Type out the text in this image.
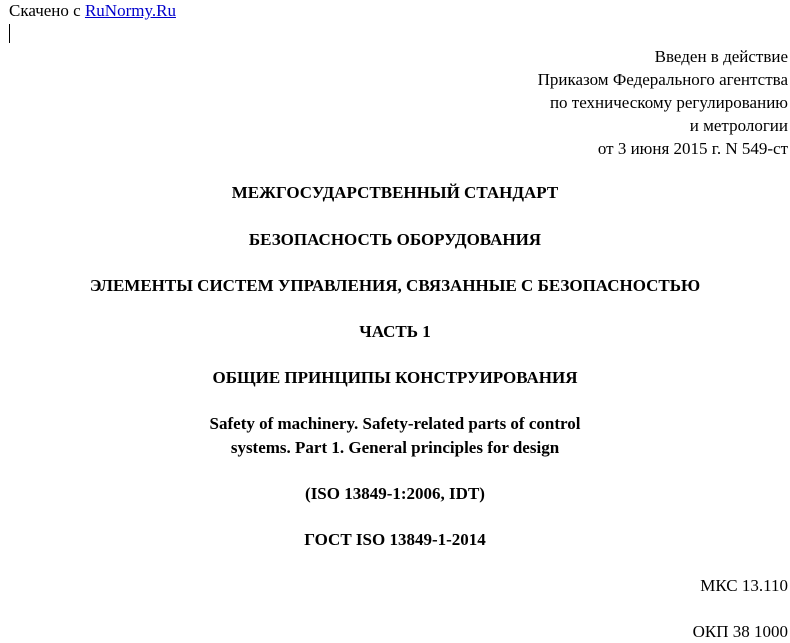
Скачено с RuNormy.Ru
Введен в действие
Приказом Федерального агентства
по техническому регулированию
и метрологии
от 3 июня 2015 г. N 549-ст
МЕЖГОСУДАРСТВЕННЫЙ СТАНДАРТ
БЕЗОПАСНОСТЬ ОБОРУДОВАНИЯ
ЭЛЕМЕНТЫ СИСТЕМ УПРАВЛЕНИЯ, СВЯЗАННЫЕ С БЕЗОПАСНОСТЬЮ
ЧАСТЬ 1
ОБЩИЕ ПРИНЦИПЫ КОНСТРУИРОВАНИЯ
Safety of machinery. Safety-related parts of control
systems. Part 1. General principles for design
(ISO 13849-1:2006, IDT)
ГОСТ ISO 13849-1-2014
МКС 13.110
ОКП 38 1000
